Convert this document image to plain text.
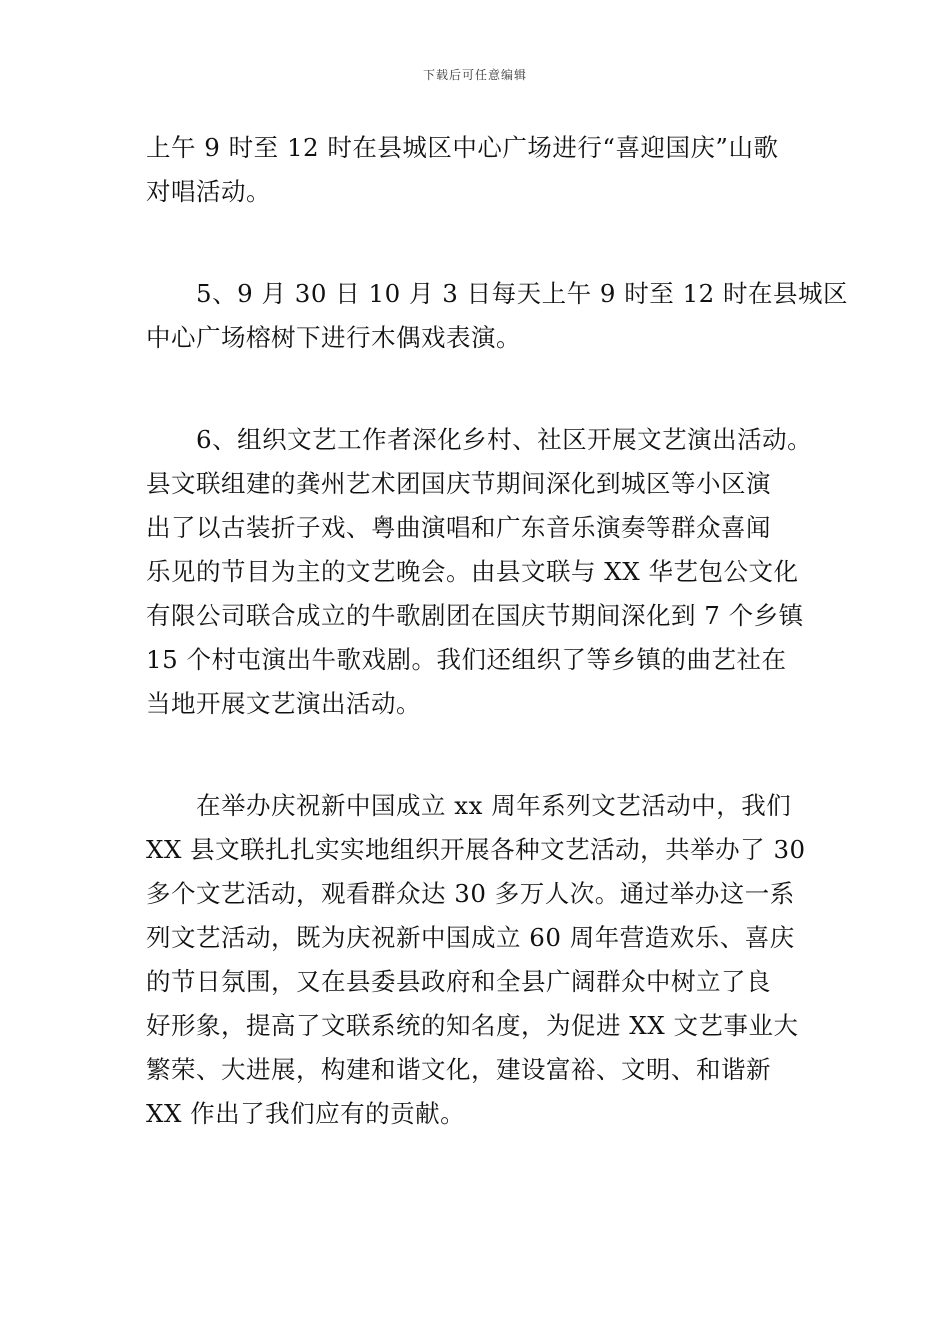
下载后可任意编辑
上午 9 时至 12 时在县城区中心广场进行“喜迎国庆”山歌
对唱活动。
5、9 月 30 日 10 月 3 日每天上午 9 时至 12 时在县城区
中心广场榕树下进行木偶戏表演。
6、组织文艺工作者深化乡村、社区开展文艺演出活动。
县文联组建的龚州艺术团国庆节期间深化到城区等小区演
出了以古装折子戏、粤曲演唱和广东音乐演奏等群众喜闻
乐见的节目为主的文艺晚会。由县文联与 XX 华艺包公文化
有限公司联合成立的牛歌剧团在国庆节期间深化到 7 个乡镇
15 个村屯演出牛歌戏剧。我们还组织了等乡镇的曲艺社在
当地开展文艺演出活动。
在举办庆祝新中国成立 xx 周年系列文艺活动中，我们
XX 县文联扎扎实实地组织开展各种文艺活动，共举办了 30
多个文艺活动，观看群众达 30 多万人次。通过举办这一系
列文艺活动，既为庆祝新中国成立 60 周年营造欢乐、喜庆
的节日氛围，又在县委县政府和全县广阔群众中树立了良
好形象，提高了文联系统的知名度，为促进 XX 文艺事业大
繁荣、大进展，构建和谐文化，建设富裕、文明、和谐新
XX 作出了我们应有的贡献。
